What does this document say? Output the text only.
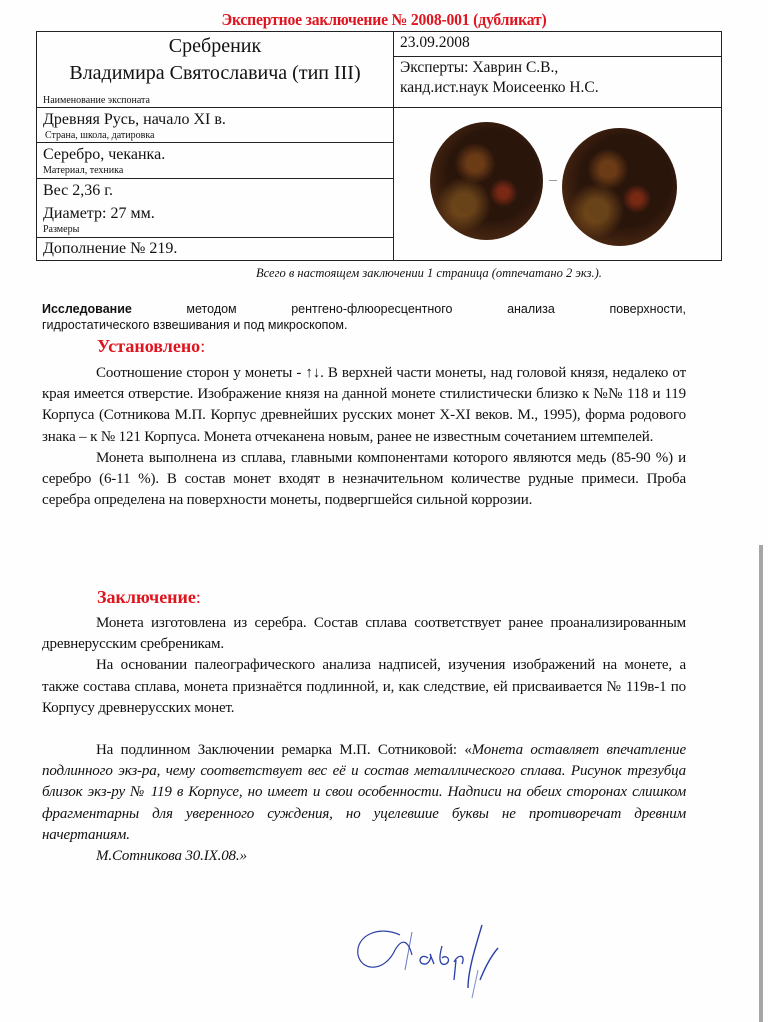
Экспертное заключение № 2008-001 (дубликат)
Сребреник
Владимира Святославича (тип III)
Наименование экспоната	23.09.2008

	Эксперты: Хаврин С.В.,
канд.ист.наук Моисеенко Н.С.

Древняя Русь, начало XI в.
Страна, школа, датировка	

Серебро, чеканка.
Материал, техника	

Вес 2,36 г.
Диаметр: 27 мм.
Размеры	

Дополнение № 219.	
Всего в настоящем заключении 1 страница (отпечатано 2 экз.).
Исследование	методом	рентгено-флюоресцентного	анализа	поверхности,
гидростатического взвешивания и под микроскопом.
Установлено:

Соотношение сторон у монеты - ↑↓. В верхней части монеты, над головой князя, недалеко от края имеется отверстие. Изображение князя на данной монете стилистически близко к №№ 118 и 119 Корпуса (Сотникова М.П. Корпус древнейших русских монет X-XI веков. М., 1995), форма родового знака – к № 121 Корпуса. Монета отчеканена новым, ранее не известным сочетанием штемпелей.

Монета выполнена из сплава, главными компонентами которого являются медь (85-90 %) и серебро (6-11 %). В состав монет входят в незначительном количестве рудные примеси. Проба серебра определена на поверхности монеты, подвергшейся сильной коррозии.

Заключение:

Монета изготовлена из серебра. Состав сплава соответствует ранее проанализированным древнерусским сребреникам.

На основании палеографического анализа надписей, изучения изображений на монете, а также состава сплава, монета признаётся подлинной, и, как следствие, ей присваивается № 119в-1 по Корпусу древнерусских монет.

На подлинном Заключении ремарка М.П. Сотниковой: «Монета оставляет впечатление подлинного экз-ра, чему соответствует вес её и состав металлического сплава. Рисунок трезубца близок экз-ру № 119 в Корпусе, но имеет и свои особенности. Надписи на обеих сторонах слишком фрагментарны для уверенного суждения, но уцелевшие буквы не противоречат древним начертаниям.

М.Сотникова 30.IX.08.»
